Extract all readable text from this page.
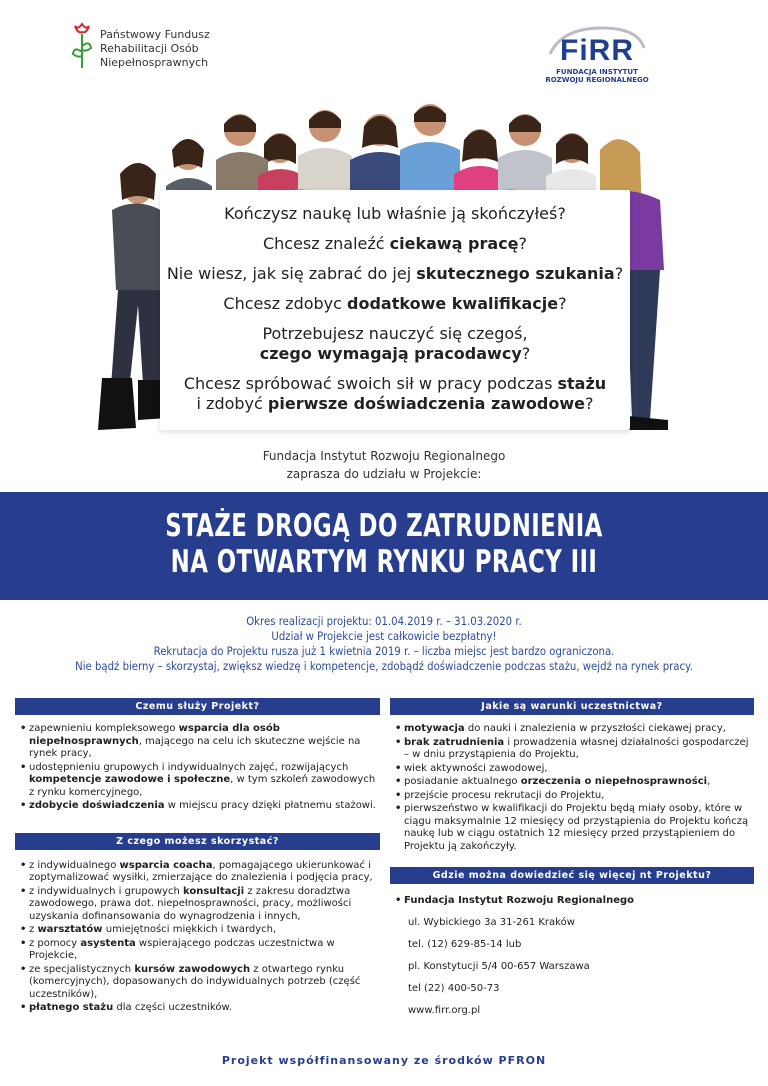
Państwowy Fundusz
Rehabilitacji Osób
Niepełnosprawnych	FiRR
FUNDACJA INSTYTUT
ROZWOJU REGIONALNEGO
Kończysz naukę lub właśnie ją skończyłeś?
Chcesz znaleźć ciekawą pracę?
Nie wiesz, jak się zabrać do jej skutecznego szukania?
Chcesz zdobyc dodatkowe kwalifikacje?
Potrzebujesz nauczyć się czegoś,
czego wymagają pracodawcy?
Chcesz spróbować swoich sił w pracy podczas stażu
i zdobyć pierwsze doświadczenia zawodowe?
Fundacja Instytut Rozwoju Regionalnego
zaprasza do udziału w Projekcie:
STAŻE DROGĄ DO ZATRUDNIENIA
NA OTWARTYM RYNKU PRACY III
Okres realizacji projektu: 01.04.2019 r. – 31.03.2020 r.
Udział w Projekcie jest całkowicie bezpłatny!
Rekrutacja do Projektu rusza już 1 kwietnia 2019 r. – liczba miejsc jest bardzo ograniczona.
Nie bądź bierny – skorzystaj, zwiększ wiedzę i kompetencje, zdobądź doświadczenie podczas stażu, wejdź na rynek pracy.
Czemu służy Projekt?
• zapewnieniu kompleksowego wsparcia dla osób niepełnosprawnych, mającego na celu ich skuteczne wejście na rynek pracy,
• udostępnieniu grupowych i indywidualnych zajęć, rozwijających kompetencje zawodowe i społeczne, w tym szkoleń zawodowych z rynku komercyjnego,
• zdobycie doświadczenia w miejscu pracy dzięki płatnemu stażowi.
Z czego możesz skorzystać?
• z indywidualnego wsparcia coacha, pomagającego ukierunkować i zoptymalizować wysiłki, zmierzające do znalezienia i podjęcia pracy,
• z indywidualnych i grupowych konsultacji z zakresu doradztwa zawodowego, prawa dot. niepełnosprawności, pracy, możliwości uzyskania dofinansowania do wynagrodzenia i innych,
• z warsztatów umiejętności miękkich i twardych,
• z pomocy asystenta wspierającego podczas uczestnictwa w Projekcie,
• ze specjalistycznych kursów zawodowych z otwartego rynku (komercyjnych), dopasowanych do indywidualnych potrzeb (część uczestników),
• płatnego stażu dla części uczestników.
Jakie są warunki uczestnictwa?
• motywacja do nauki i znalezienia w przyszłości ciekawej pracy,
• brak zatrudnienia i prowadzenia własnej działalności gospodarczej – w dniu przystąpienia do Projektu,
• wiek aktywności zawodowej,
• posiadanie aktualnego orzeczenia o niepełnosprawności,
• przejście procesu rekrutacji do Projektu,
• pierwszeństwo w kwalifikacji do Projektu będą miały osoby, które w ciągu maksymalnie 12 miesięcy od przystąpienia do Projektu kończą naukę lub w ciągu ostatnich 12 miesięcy przed przystąpieniem do Projektu ją zakończyły.
Gdzie można dowiedzieć się więcej nt Projektu?
• Fundacja Instytut Rozwoju Regionalnego
ul. Wybickiego 3a 31-261 Kraków
tel. (12) 629-85-14 lub
pl. Konstytucji 5/4 00-657 Warszawa
tel (22) 400-50-73
www.firr.org.pl
Projekt współfinansowany ze środków PFRON
